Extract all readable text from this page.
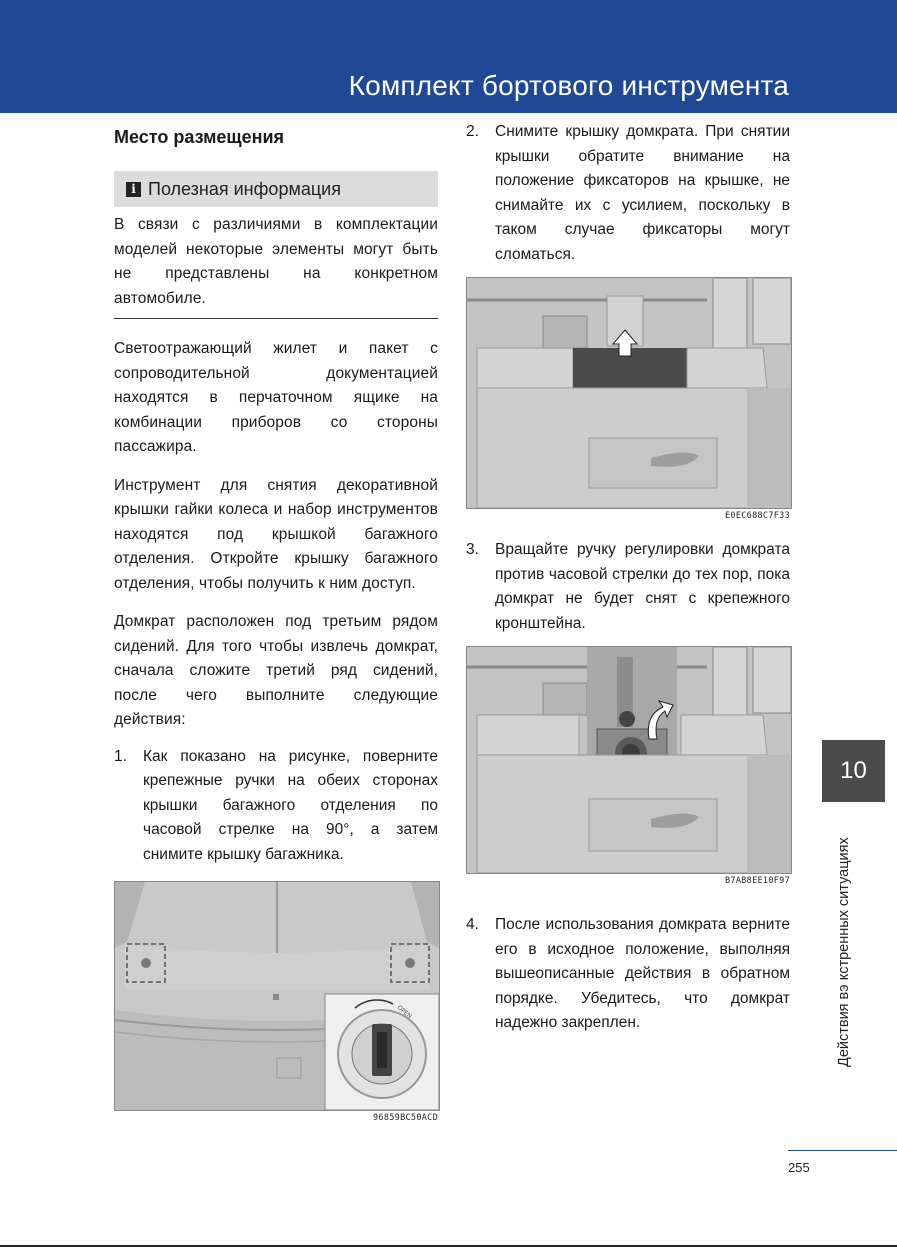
Комплект бортового инструмента
Место размещения
i Полезная информация

В связи с различиями в комплектации моделей некоторые элементы могут быть не представлены на конкретном автомобиле.

Светоотражающий жилет и пакет с сопроводительной документацией находятся в перчаточном ящике на комбинации приборов со стороны пассажира.

Инструмент для снятия декоративной крышки гайки колеса и набор инструментов находятся под крышкой багажного отделения. Откройте крышку багажного отделения, чтобы получить к ним доступ.

Домкрат расположен под третьим рядом сидений. Для того чтобы извлечь домкрат, сначала сложите третий ряд сидений, после чего выполните следующие действия:

1.	Как показано на рисунке, поверните крепежные ручки на обеих сторонах крышки багажного отделения по часовой стрелке на 90°, а затем снимите крышку багажника.
OPEN
96859BC50ACD
2.	Снимите крышку домкрата. При снятии крышки обратите внимание на положение фиксаторов на крышке, не снимайте их с усилием, поскольку в таком случае фиксаторы могут сломаться.
E0EC688C7F33
3.	Вращайте ручку регулировки домкрата против часовой стрелки до тех пор, пока домкрат не будет снят с крепежного кронштейна.
B7AB8EE10F97
4.	После использования домкрата верните его в исходное положение, выполняя вышеописанные действия в обратном порядке. Убедитесь, что домкрат надежно закреплен.
10
Действия вэ кстренных ситуациях
255
